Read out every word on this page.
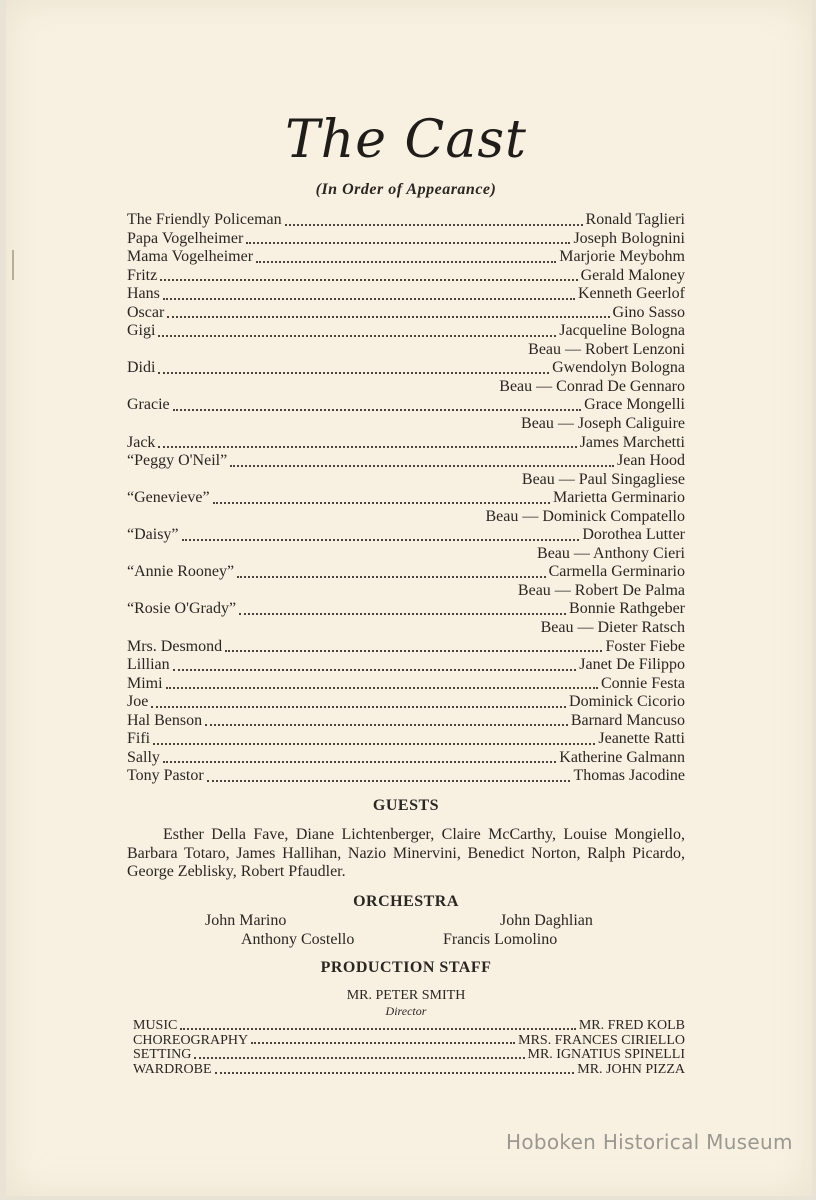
The Cast
(In Order of Appearance)
The Friendly Policeman	Ronald Taglieri
Papa Vogelheimer	Joseph Bolognini
Mama Vogelheimer	Marjorie Meybohm
Fritz	Gerald Maloney
Hans	Kenneth Geerlof
Oscar	Gino Sasso
Gigi	Jacqueline Bologna
Beau — Robert Lenzoni
Didi	Gwendolyn Bologna
Beau — Conrad De Gennaro
Gracie	Grace Mongelli
Beau — Joseph Caliguire
Jack	James Marchetti
“Peggy O'Neil”	Jean Hood
Beau — Paul Singagliese
“Genevieve”	Marietta Germinario
Beau — Dominick Compatello
“Daisy”	Dorothea Lutter
Beau — Anthony Cieri
“Annie Rooney”	Carmella Germinario
Beau — Robert De Palma
“Rosie O'Grady”	Bonnie Rathgeber
Beau — Dieter Ratsch
Mrs. Desmond	Foster Fiebe
Lillian	Janet De Filippo
Mimi	Connie Festa
Joe	Dominick Cicorio
Hal Benson	Barnard Mancuso
Fifi	Jeanette Ratti
Sally	Katherine Galmann
Tony Pastor	Thomas Jacodine
GUESTS
Esther Della Fave, Diane Lichtenberger, Claire McCarthy, Louise Mongiello, Barbara Totaro, James Hallihan, Nazio Minervini, Benedict Norton, Ralph Picardo, George Zeblisky, Robert Pfaudler.
ORCHESTRA
John Marino	John Daghlian
Anthony Costello	Francis Lomolino
PRODUCTION STAFF
MR. PETER SMITH
Director
MUSIC	MR. FRED KOLB
CHOREOGRAPHY	MRS. FRANCES CIRIELLO
SETTING	MR. IGNATIUS SPINELLI
WARDROBE	MR. JOHN PIZZA
Hoboken Historical Museum
